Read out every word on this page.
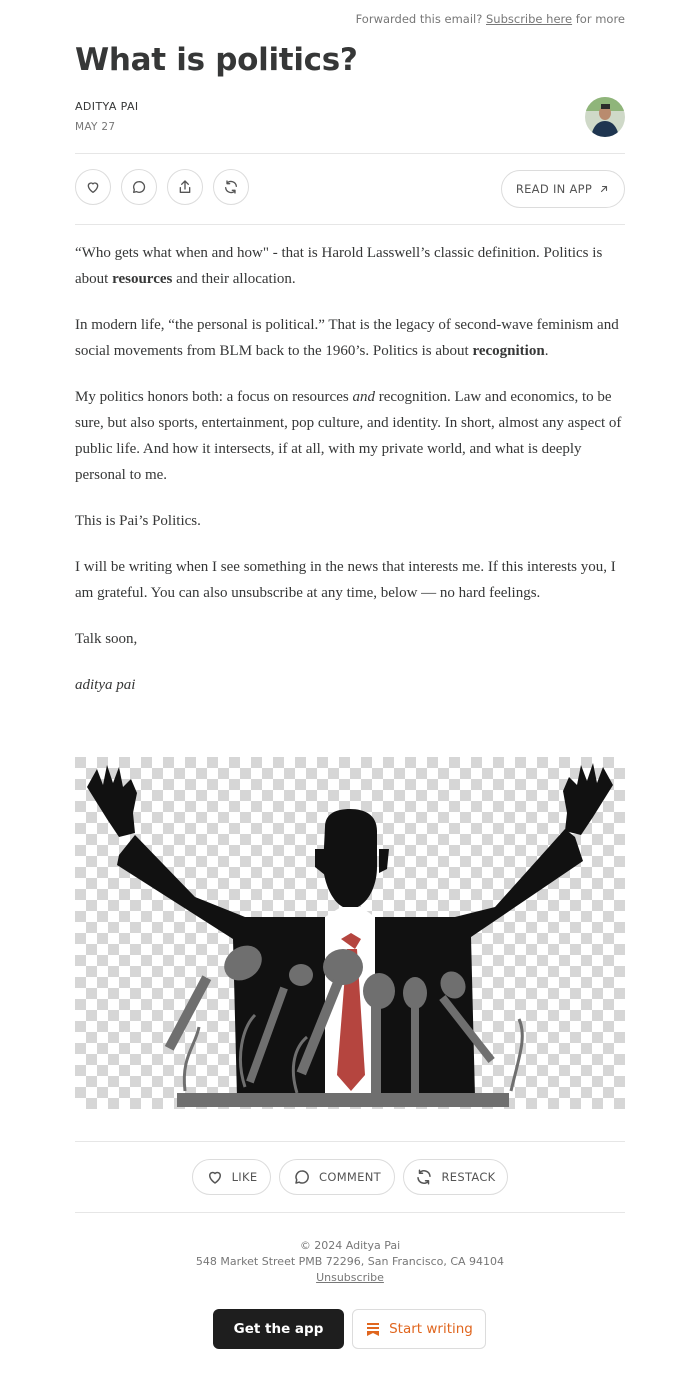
Forwarded this email? Subscribe here for more
What is politics?
ADITYA PAI
MAY 27
READ IN APP

“Who gets what when and how" - that is Harold Lasswell’s classic definition. Politics is about resources and their allocation.

In modern life, “the personal is political.” That is the legacy of second-wave feminism and social movements from BLM back to the 1960’s. Politics is about recognition.

My politics honors both: a focus on resources and recognition. Law and economics, to be sure, but also sports, entertainment, pop culture, and identity. In short, almost any aspect of public life. And how it intersects, if at all, with my private world, and what is deeply personal to me.

This is Pai’s Politics.

I will be writing when I see something in the news that interests me. If this interests you, I am grateful. You can also unsubscribe at any time, below — no hard feelings.

Talk soon,

aditya pai

LIKE	COMMENT	RESTACK
© 2024 Aditya Pai
548 Market Street PMB 72296, San Francisco, CA 94104
Unsubscribe
Get the app	Start writing
